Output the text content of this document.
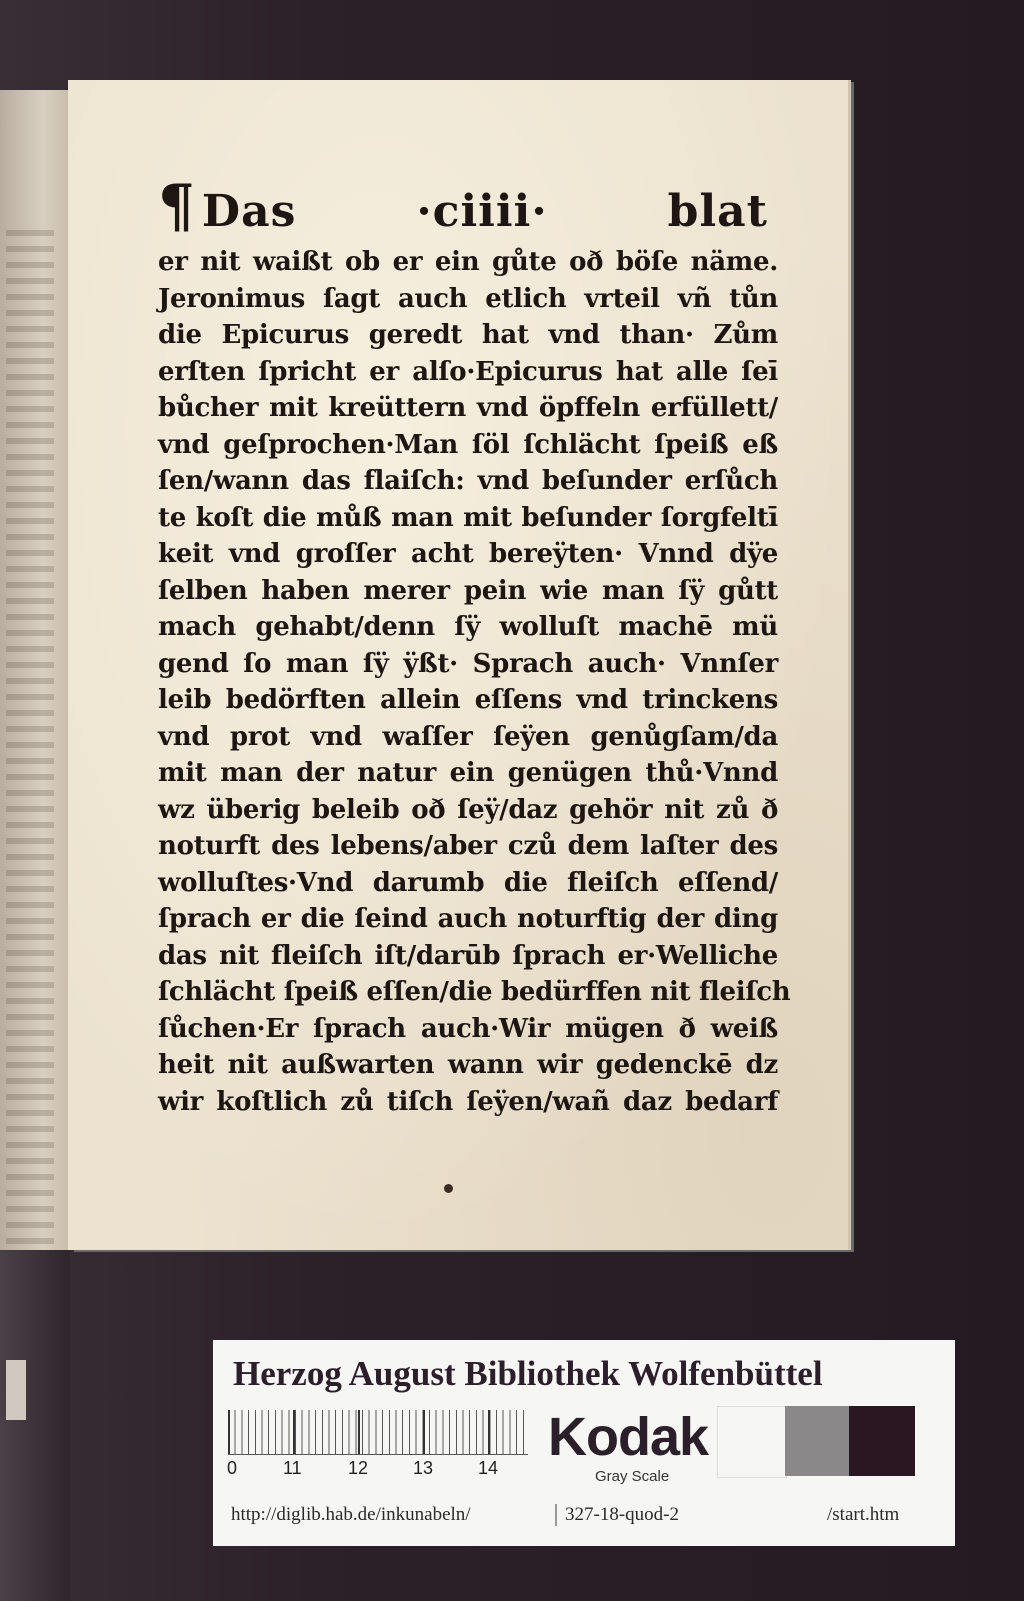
¶ Das	·ciiii·	blat
er nit waißt ob er ein gůte oð böſe näme.
Jeronimus ſagt auch etlich vrteil vñ tůn
die Epicurus geredt hat vnd than· Zům
erſten ſpricht er alſo·Epicurus hat alle ſeī
bůcher mit kreüttern vnd öpffeln erfüllett/
vnd geſprochen·Man ſöl ſchlächt ſpeiß eß
ſen/wann das flaiſch: vnd beſunder erſůch
te koſt die můß man mit beſunder ſorgfeltī
keit vnd groſſer acht bereÿten· Vnnd dÿe
ſelben haben merer pein wie man ſÿ gůtt
mach gehabt/denn ſÿ wolluſt machē mü
gend ſo man ſÿ ÿßt· Sprach auch· Vnnſer
leib bedörften allein eſſens vnd trinckens
vnd prot vnd waſſer ſeÿen genůgſam/da
mit man der natur ein genügen thů·Vnnd
wz überig beleib oð ſeÿ/daz gehör nit zů ð
noturft des lebens/aber czů dem laſter des
wolluſtes·Vnd darumb die fleiſch eſſend/
ſprach er die ſeind auch noturftig der ding
das nit fleiſch iſt/darūb ſprach er·Welliche
ſchlächt ſpeiß eſſen/die bedürffen nit fleiſch
ſůchen·Er ſprach auch·Wir mügen ð weiß
heit nit außwarten wann wir gedenckē dz
wir koſtlich zů tiſch ſeÿen/wañ daz bedarf
Herzog August Bibliothek Wolfenbüttel
0	11	12 13 14
Kodak
Gray Scale
http://diglib.hab.de/inkunabeln/	327-18-quod-2	/start.htm
